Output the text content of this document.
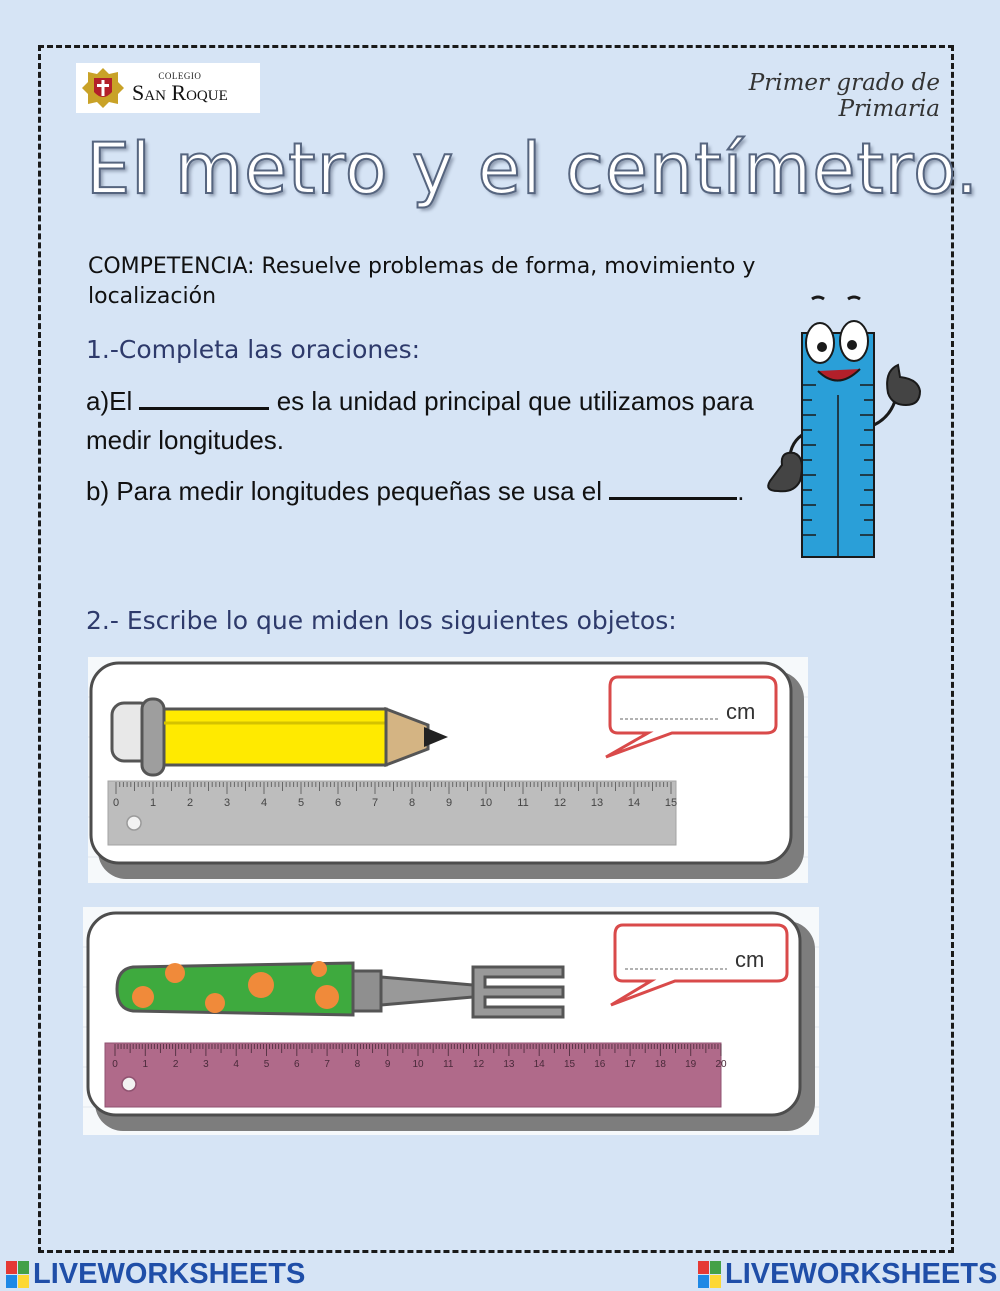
COLEGIO
San Roque	Primer grado de Primaria
El metro y el centímetro.
COMPETENCIA: Resuelve problemas de forma, movimiento y localización
1.-Completa las oraciones:
a)El	es la unidad principal que utilizamos para medir longitudes.
b) Para medir longitudes pequeñas se usa el	.
2.- Escribe lo que miden los siguientes objetos:
cm
0	1	2	3	4	5	6	7	8	9	10 11 12 13 14 15
cm
0 1 2 3 4 5 6 7 8 9 10 11 12 13 14 15 16 17 18 19 20
LIVEWORKSHEETS	LIVEWORKSHEETS
